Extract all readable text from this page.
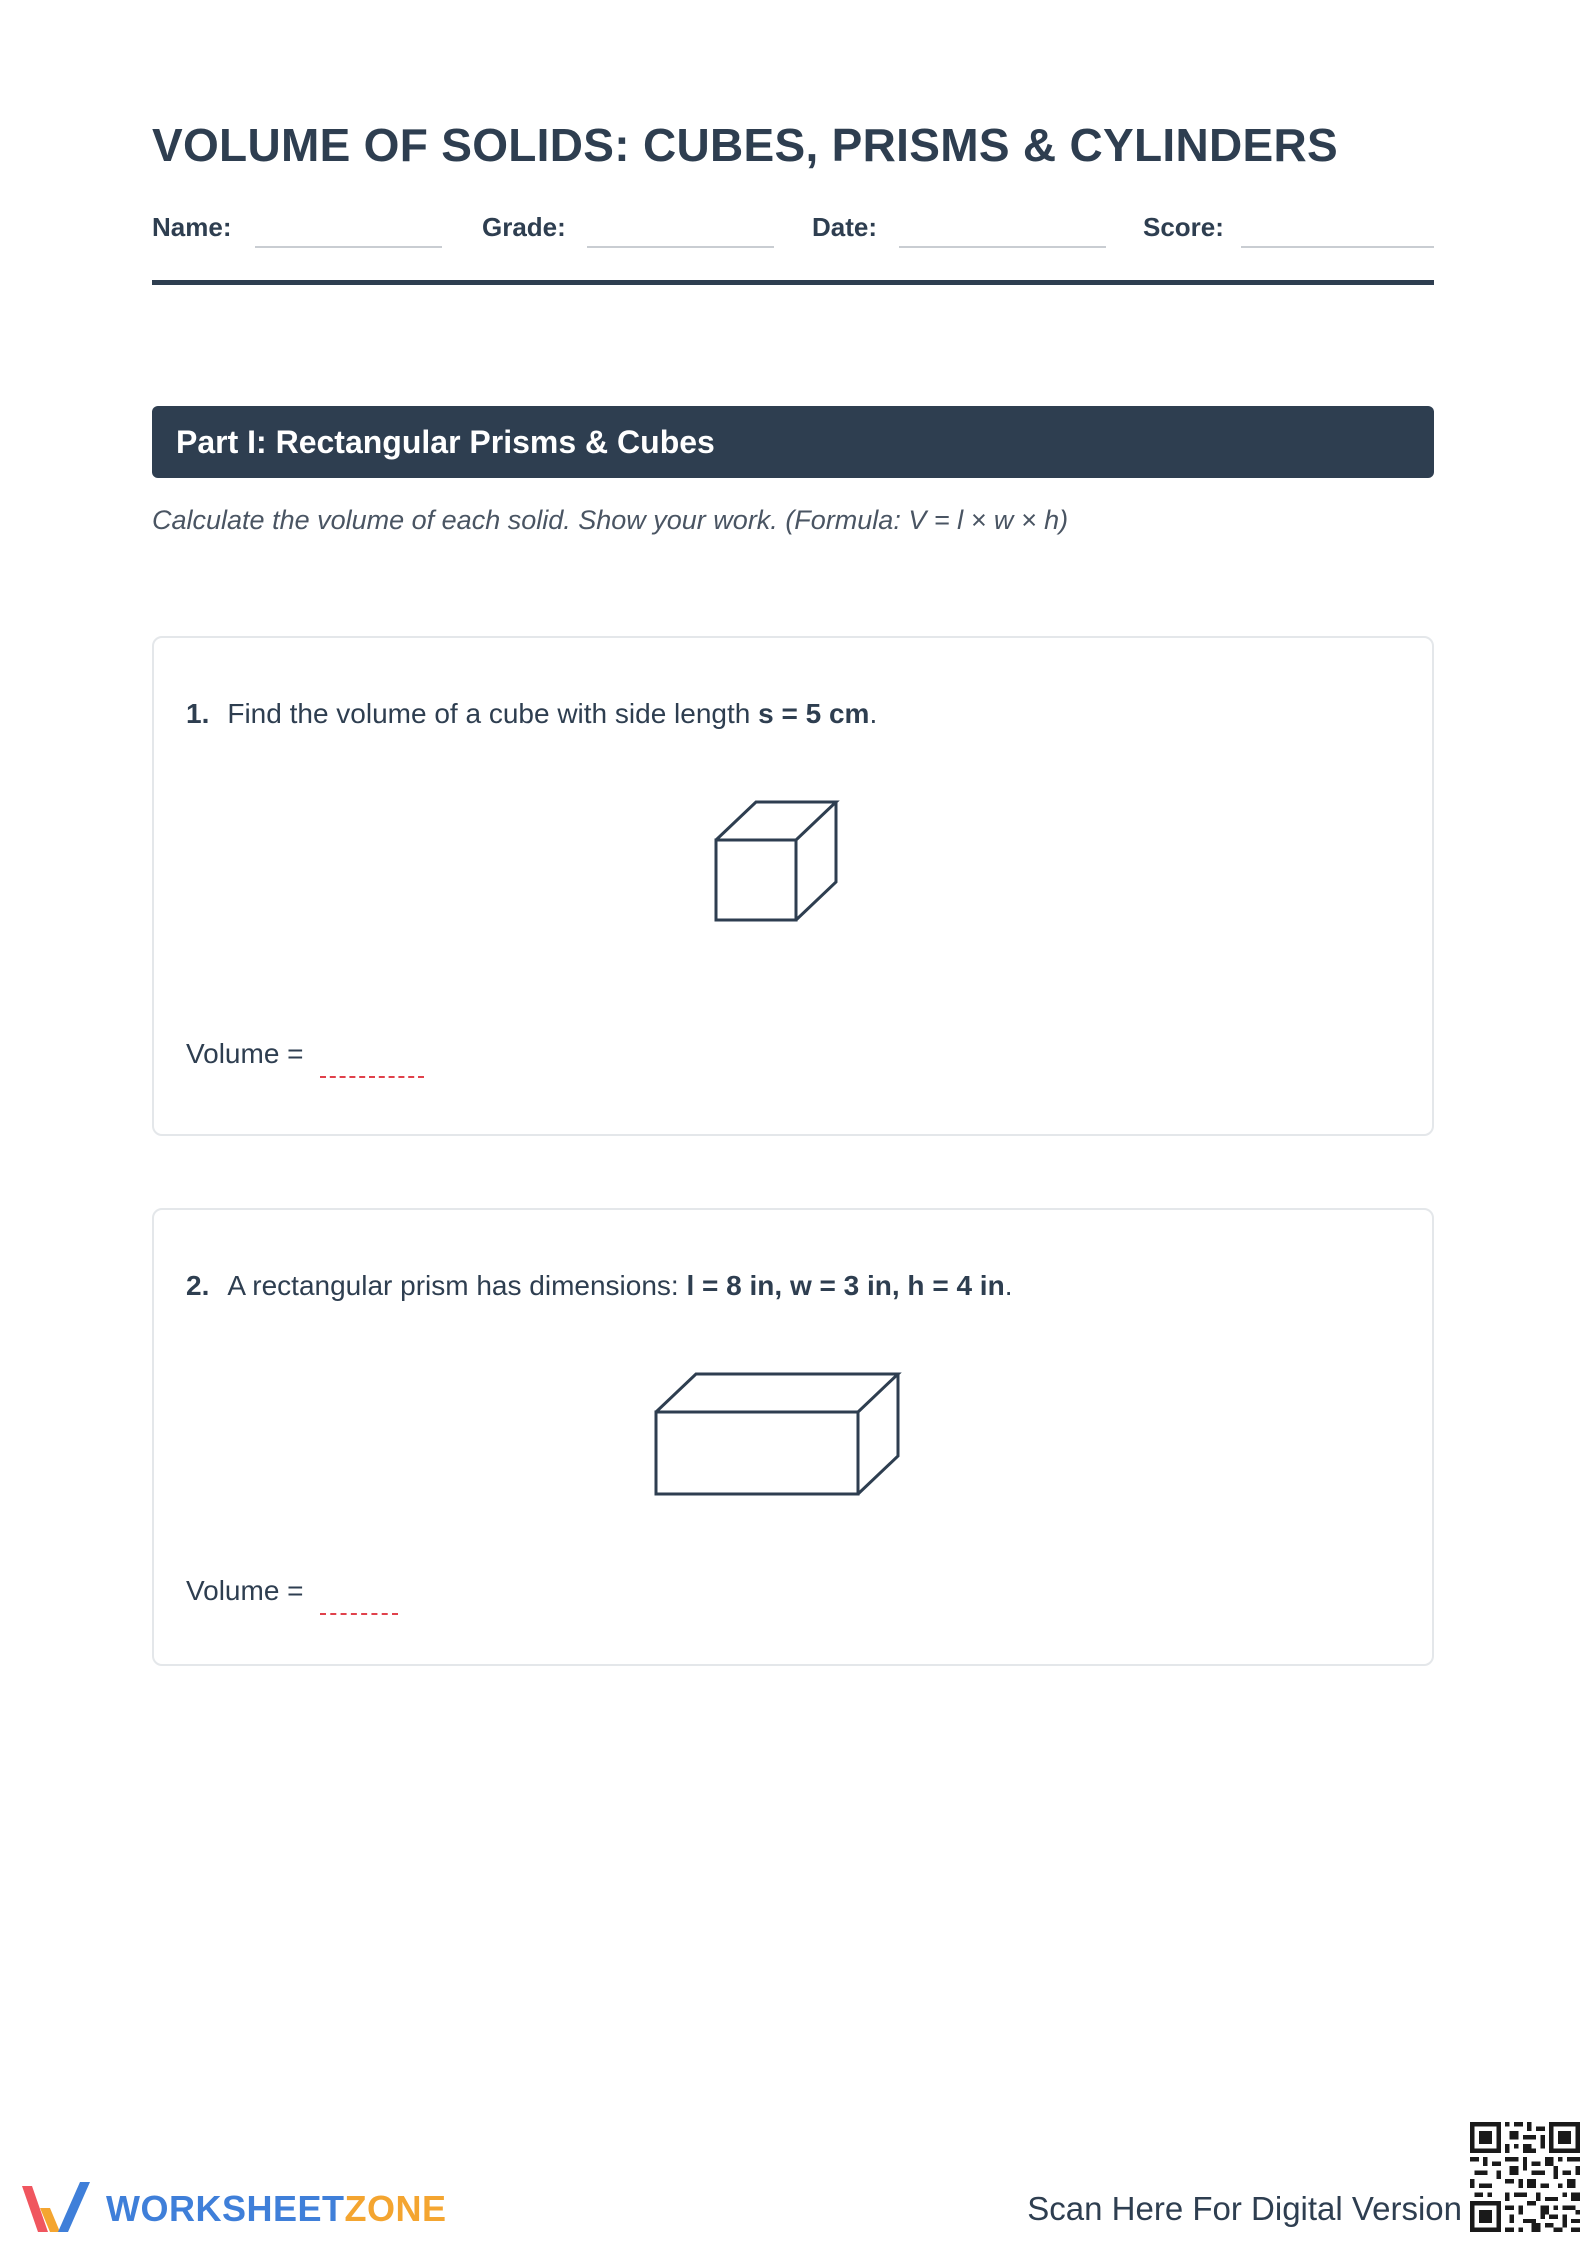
VOLUME OF SOLIDS: CUBES, PRISMS & CYLINDERS
Name:	Grade:	Date:	Score:
Part I: Rectangular Prisms & Cubes
Calculate the volume of each solid. Show your work. (Formula: V = l × w × h)
1. Find the volume of a cube with side length s = 5 cm.
Volume =
2. A rectangular prism has dimensions: l = 8 in, w = 3 in, h = 4 in.
Volume =
WORKSHEETZONE	Scan Here For Digital Version
